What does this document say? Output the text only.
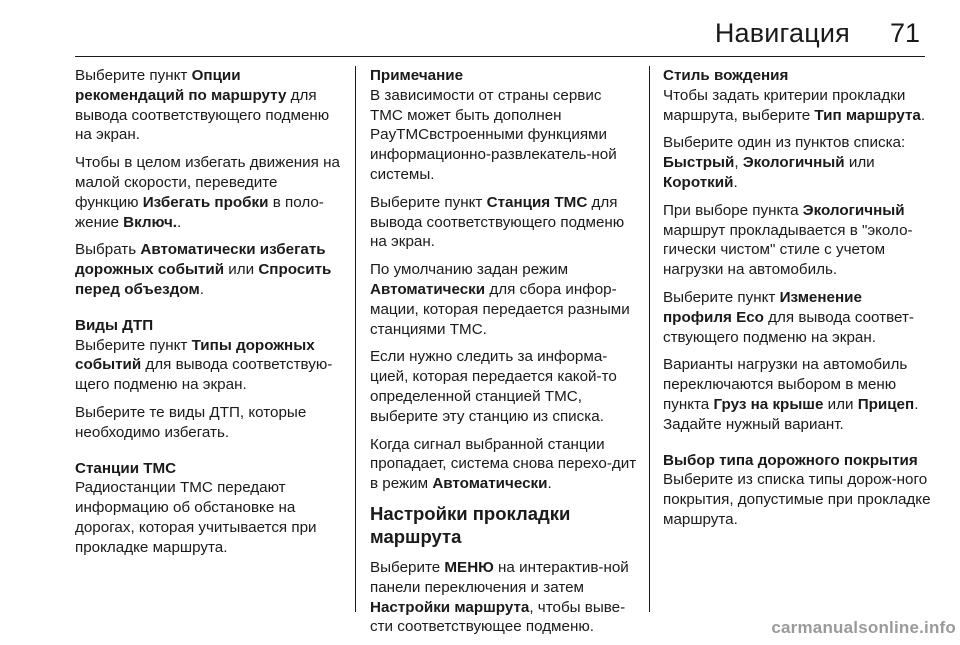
Навигация 71

Выберите пункт Опции рекомендаций по маршруту для вывода соответствующего подменю на экран.

Чтобы в целом избегать движения на малой скорости, переведите функцию Избегать пробки в поло-жение Включ..

Выбрать Автоматически избегать дорожных событий или Спросить перед объездом.

Виды ДТП

Выберите пункт Типы дорожных событий для вывода соответствую-щего подменю на экран.

Выберите те виды ДТП, которые необходимо избегать.

Станции TMC

Радиостанции TMC передают информацию об обстановке на дорогах, которая учитывается при прокладке маршрута.

Примечание

В зависимости от страны сервис TMC может быть дополнен PayTMCвстроенными функциями информационно-развлекатель-ной системы.

Выберите пункт Станция TMC для вывода соответствующего подменю на экран.

По умолчанию задан режим Автоматически для сбора инфор-мации, которая передается разными станциями TMC.

Если нужно следить за информа-цией, которая передается какой-то определенной станцией TMC, выберите эту станцию из списка.

Когда сигнал выбранной станции пропадает, система снова перехо-дит в режим Автоматически.

Настройки прокладки маршрута

Выберите МЕНЮ на интерактив-ной панели переключения и затем Настройки маршрута, чтобы выве-сти соответствующее подменю.

Стиль вождения

Чтобы задать критерии прокладки маршрута, выберите Тип маршрута.

Выберите один из пунктов списка: Быстрый, Экологичный или Короткий.

При выборе пункта Экологичный маршрут прокладывается в "эколо-гически чистом" стиле с учетом нагрузки на автомобиль.

Выберите пункт Изменение профиля Eco для вывода соответ-ствующего подменю на экран.

Варианты нагрузки на автомобиль переключаются выбором в меню пункта Груз на крыше или Прицеп. Задайте нужный вариант.

Выбор типа дорожного покрытия

Выберите из списка типы дорож-ного покрытия, допустимые при прокладке маршрута.

carmanualsonline.info
